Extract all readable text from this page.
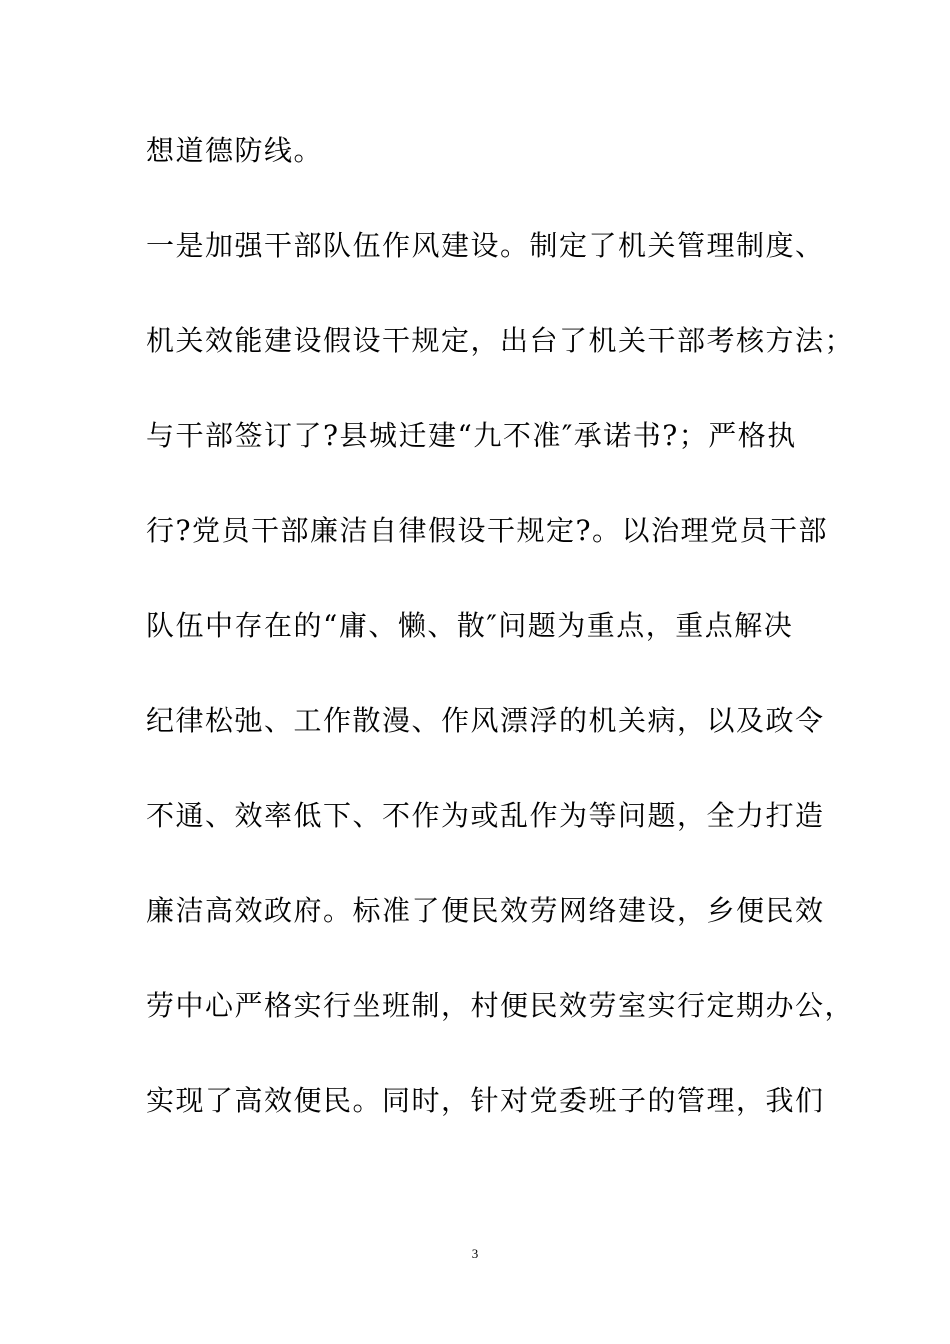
想道德防线。
一是加强干部队伍作风建设。制定了机关管理制度、
机关效能建设假设干规定，出台了机关干部考核方法；
与干部签订了?县城迁建“九不准″承诺书?；严格执
行?党员干部廉洁自律假设干规定?。以治理党员干部
队伍中存在的“庸、懒、散″问题为重点，重点解决
纪律松弛、工作散漫、作风漂浮的机关病，以及政令
不通、效率低下、不作为或乱作为等问题，全力打造
廉洁高效政府。标准了便民效劳网络建设，乡便民效
劳中心严格实行坐班制，村便民效劳室实行定期办公，
实现了高效便民。同时，针对党委班子的管理，我们
3
